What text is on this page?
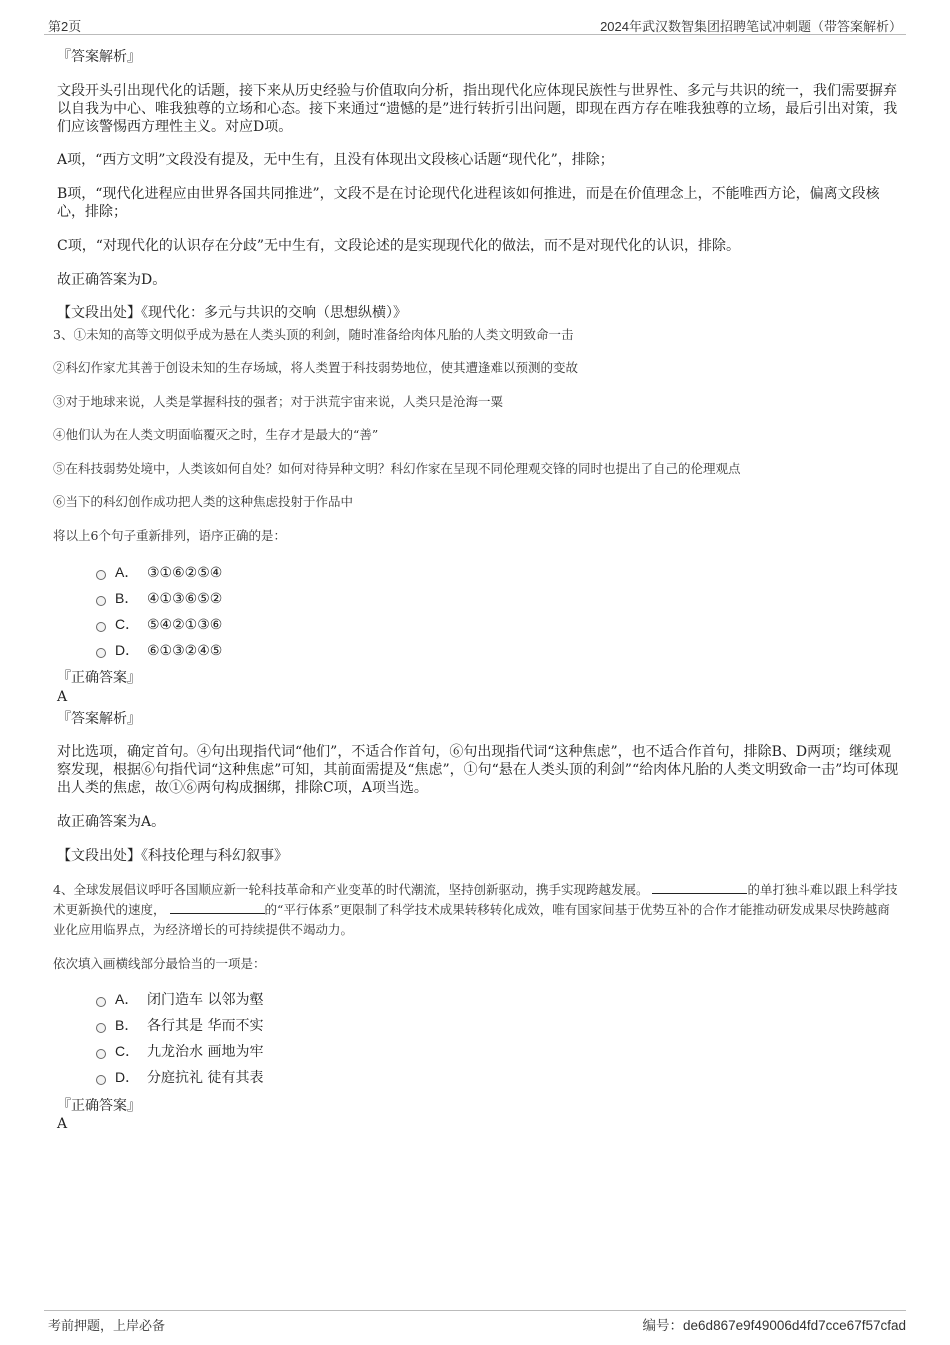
第2页	2024年武汉数智集团招聘笔试冲刺题（带答案解析）

『答案解析』

文段开头引出现代化的话题，接下来从历史经验与价值取向分析，指出现代化应体现民族性与世界性、多元与共识的统一，我们需要摒弃以自我为中心、唯我独尊的立场和心态。接下来通过“遗憾的是”进行转折引出问题，即现在西方存在唯我独尊的立场，最后引出对策，我们应该警惕西方理性主义。对应D项。

A项，“西方文明”文段没有提及，无中生有，且没有体现出文段核心话题“现代化”，排除；

B项，“现代化进程应由世界各国共同推进”，文段不是在讨论现代化进程该如何推进，而是在价值理念上，不能唯西方论，偏离文段核心，排除；

C项，“对现代化的认识存在分歧”无中生有，文段论述的是实现现代化的做法，而不是对现代化的认识，排除。

故正确答案为D。

【文段出处】《现代化：多元与共识的交响（思想纵横）》

3、①未知的高等文明似乎成为悬在人类头顶的利剑，随时准备给肉体凡胎的人类文明致命一击

②科幻作家尤其善于创设未知的生存场域，将人类置于科技弱势地位，使其遭逢难以预测的变故

③对于地球来说，人类是掌握科技的强者；对于洪荒宇宙来说，人类只是沧海一粟

④他们认为在人类文明面临覆灭之时，生存才是最大的“善”

⑤在科技弱势处境中，人类该如何自处？如何对待异种文明？科幻作家在呈现不同伦理观交锋的同时也提出了自己的伦理观点

⑥当下的科幻创作成功把人类的这种焦虑投射于作品中

将以上6个句子重新排列，语序正确的是：

A． ③①⑥②⑤④
B． ④①③⑥⑤②
C． ⑤④②①③⑥
D． ⑥①③②④⑤

『正确答案』

A

『答案解析』

对比选项，确定首句。④句出现指代词“他们”，不适合作首句，⑥句出现指代词“这种焦虑”，也不适合作首句，排除B、D两项；继续观察发现，根据⑥句指代词“这种焦虑”可知，其前面需提及“焦虑”，①句“悬在人类头顶的利剑”“给肉体凡胎的人类文明致命一击”均可体现出人类的焦虑，故①⑥两句构成捆绑，排除C项，A项当选。

故正确答案为A。

【文段出处】《科技伦理与科幻叙事》

4、全球发展倡议呼吁各国顺应新一轮科技革命和产业变革的时代潮流，坚持创新驱动，携手实现跨越发展。	的单打独斗难以跟上科学技术更新换代的速度，	的“平行体系”更限制了科学技术成果转移转化成效，唯有国家间基于优势互补的合作才能推动研发成果尽快跨越商业化应用临界点，为经济增长的可持续提供不竭动力。

依次填入画横线部分最恰当的一项是：

A． 闭门造车 以邻为壑
B． 各行其是 华而不实
C． 九龙治水 画地为牢
D． 分庭抗礼 徒有其表

『正确答案』

A

考前押题，上岸必备	编号：de6d867e9f49006d4fd7cce67f57cfad
